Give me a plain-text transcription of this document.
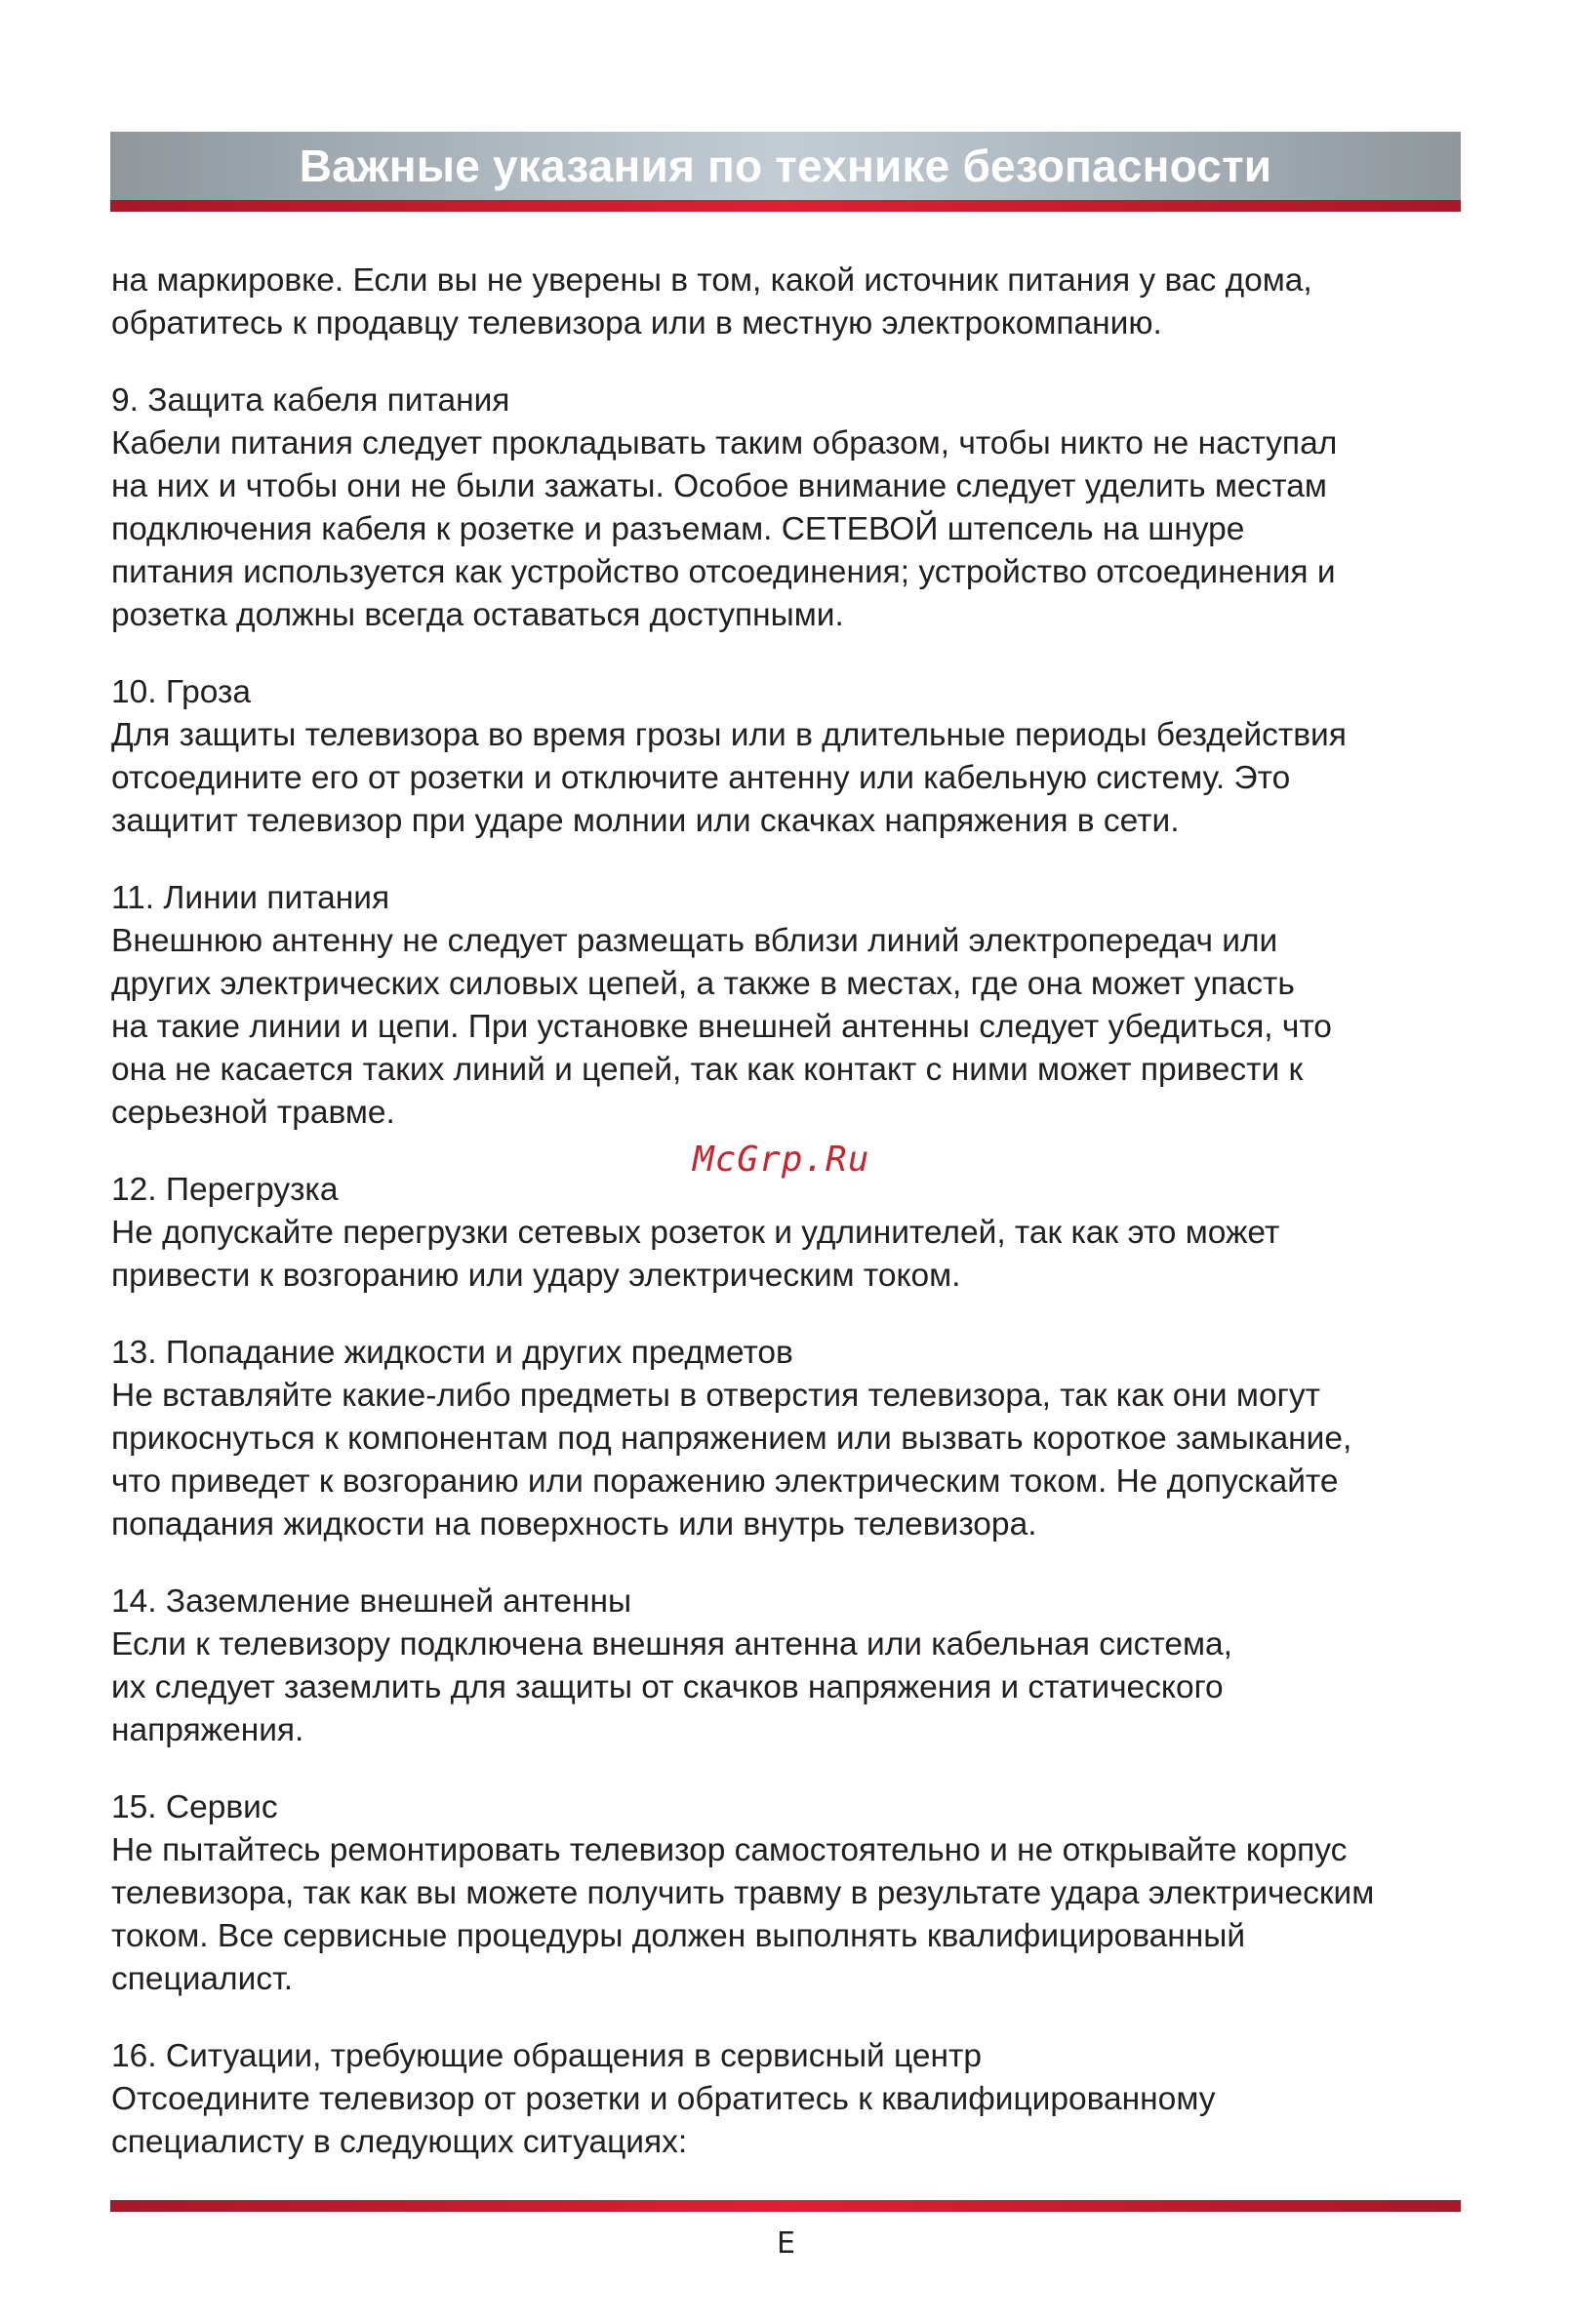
Важные указания по технике безопасности

на маркировке. Если вы не уверены в том, какой источник питания у вас дома,

обратитесь к продавцу телевизора или в местную электрокомпанию.

9. Защита кабеля питания

Кабели питания следует прокладывать таким образом, чтобы никто не наступал

на них и чтобы они не были зажаты. Особое внимание следует уделить местам

подключения кабеля к розетке и разъемам. СЕТЕВОЙ штепсель на шнуре

питания используется как устройство отсоединения; устройство отсоединения и

розетка должны всегда оставаться доступными.

10. Гроза

Для защиты телевизора во время грозы или в длительные периоды бездействия

отсоедините его от розетки и отключите антенну или кабельную систему. Это

защитит телевизор при ударе молнии или скачках напряжения в сети.

11. Линии питания

Внешнюю антенну не следует размещать вблизи линий электропередач или

других электрических силовых цепей, а также в местах, где она может упасть

на такие линии и цепи. При установке внешней антенны следует убедиться, что

она не касается таких линий и цепей, так как контакт с ними может привести к

серьезной травме.

12. Перегрузка

Не допускайте перегрузки сетевых розеток и удлинителей, так как это может

привести к возгоранию или удару электрическим током.

13. Попадание жидкости и других предметов

Не вставляйте какие-либо предметы в отверстия телевизора, так как они могут

прикоснуться к компонентам под напряжением или вызвать короткое замыкание,

что приведет к возгоранию или поражению электрическим током. Не допускайте

попадания жидкости на поверхность или внутрь телевизора.

14. Заземление внешней антенны

Если к телевизору подключена внешняя антенна или кабельная система,

их следует заземлить для защиты от скачков напряжения и статического

напряжения.

15. Сервис

Не пытайтесь ремонтировать телевизор самостоятельно и не открывайте корпус

телевизора, так как вы можете получить травму в результате удара электрическим

током. Все сервисные процедуры должен выполнять квалифицированный

специалист.

16. Ситуации, требующие обращения в сервисный центр

Отсоедините телевизор от розетки и обратитесь к квалифицированному

специалисту в следующих ситуациях:

McGrp.Ru
E
